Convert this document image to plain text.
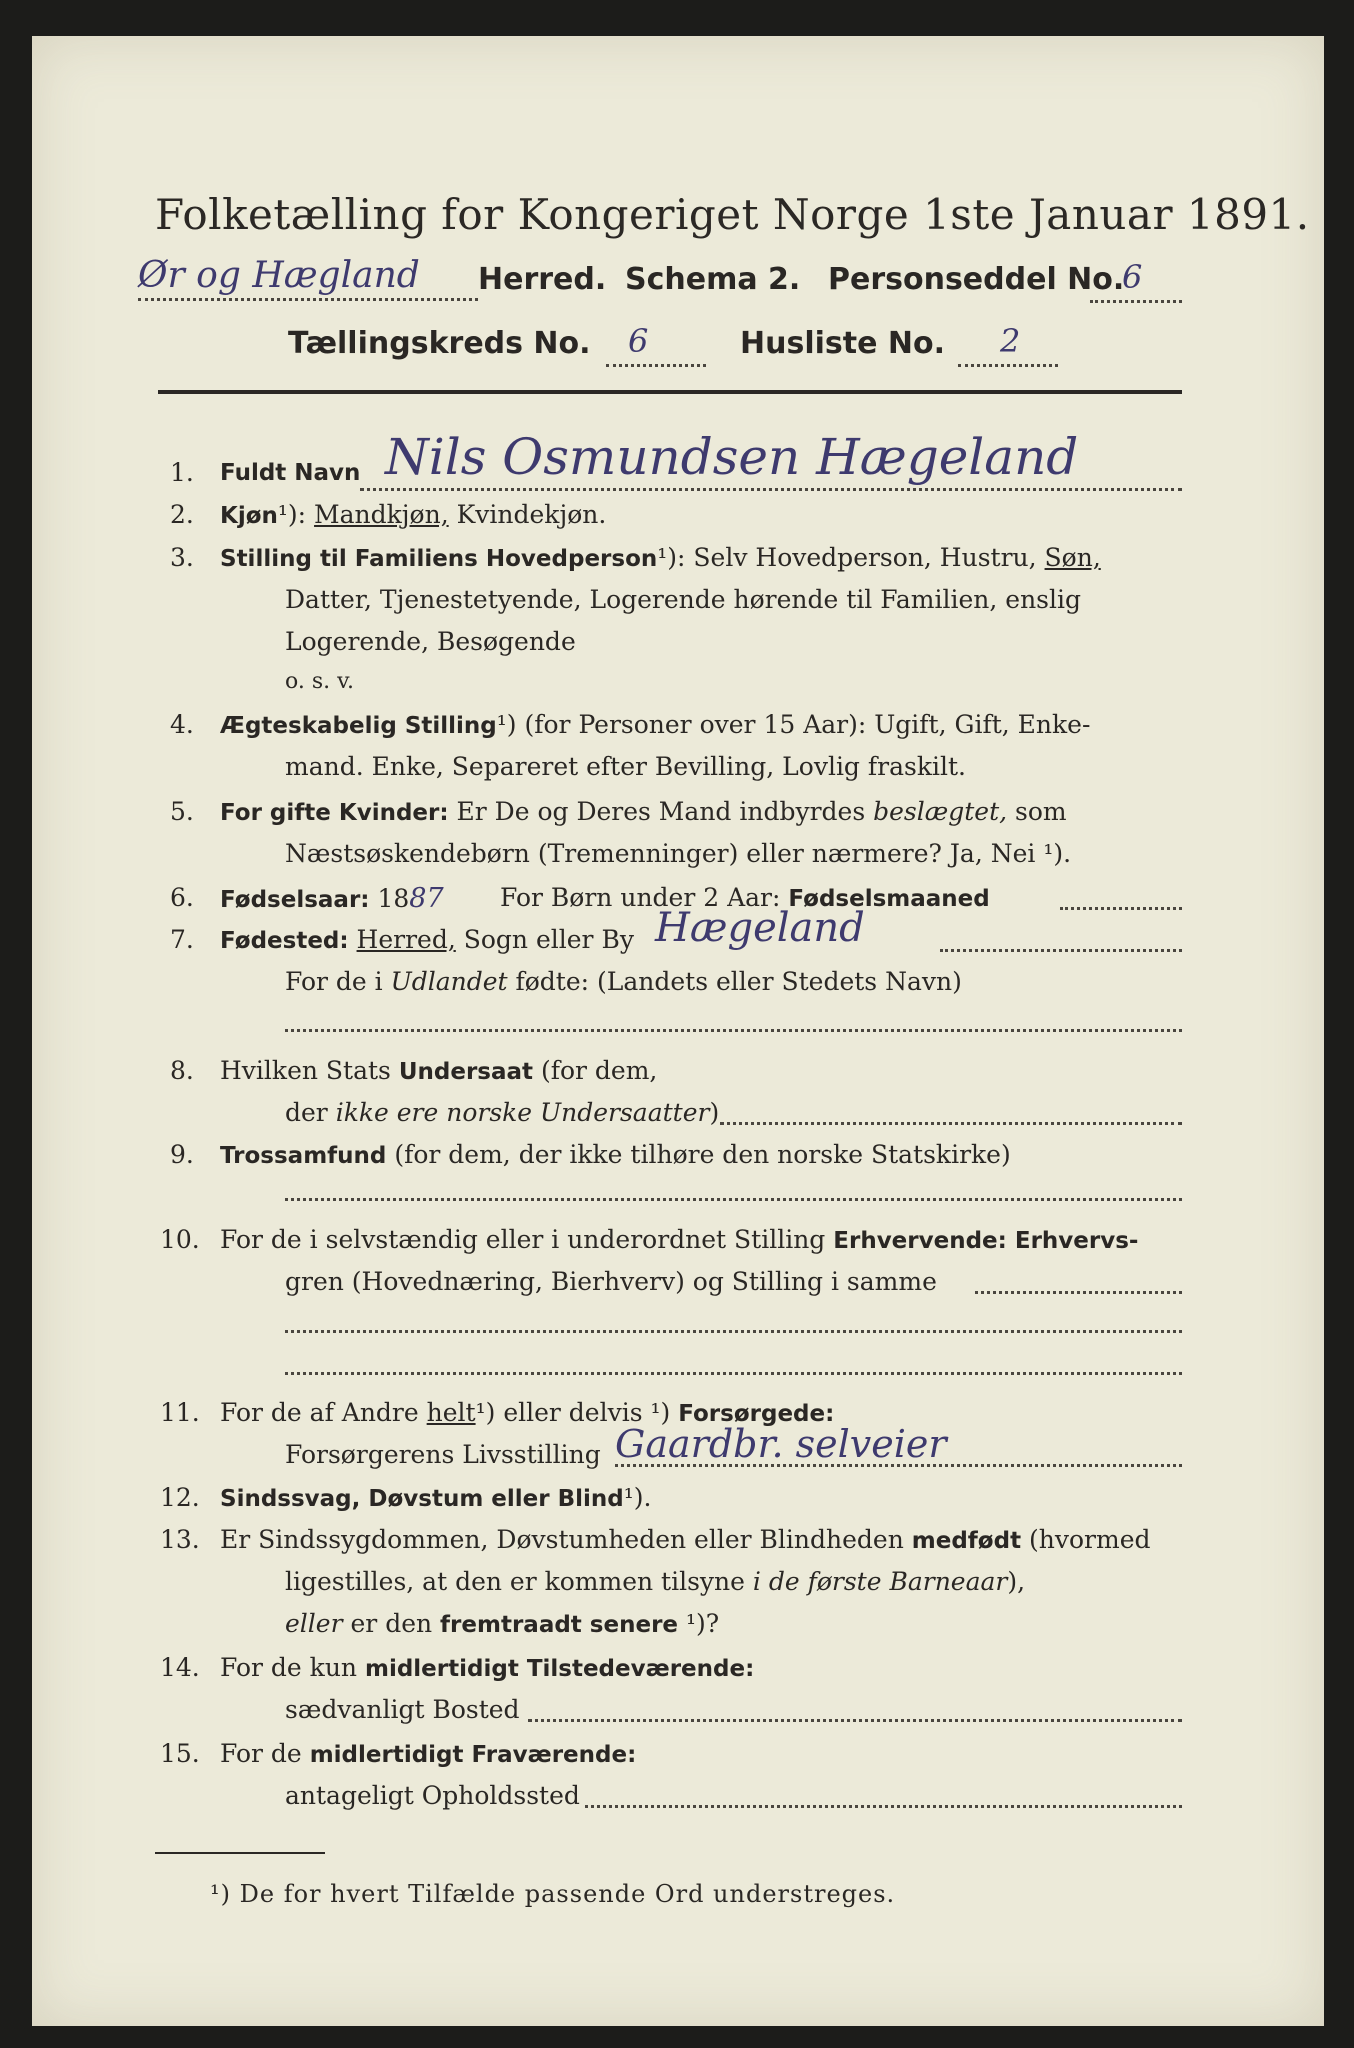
Folketælling for Kongeriget Norge 1ste Januar 1891.
Ør og Hægland Herred. Schema 2. Personseddel No.
6
Tællingskreds No. 6	Husliste No. 2
1. Fuldt Navn Nils Osmundsen Hægeland
2. Kjøn¹): Mandkjøn, Kvindekjøn.
3. Stilling til Familiens Hovedperson¹): Selv Hovedperson, Hustru, Søn,
Datter, Tjenestetyende, Logerende hørende til Familien, enslig
Logerende, Besøgende
o. s. v.
4. Ægteskabelig Stilling¹) (for Personer over 15 Aar): Ugift, Gift, Enke-
mand. Enke, Separeret efter Bevilling, Lovlig fraskilt.
5. For gifte Kvinder: Er De og Deres Mand indbyrdes beslægtet, som
Næstsøskendebørn (Tremenninger) eller nærmere? Ja, Nei ¹).
6. Fødselsaar: 1887 For Børn under 2 Aar: Fødselsmaaned
7. Fødested: Herred, Sogn eller By Hægeland
For de i Udlandet fødte: (Landets eller Stedets Navn)
8. Hvilken Stats Undersaat (for dem,
der ikke ere norske Undersaatter)
9. Trossamfund (for dem, der ikke tilhøre den norske Statskirke)
10. For de i selvstændig eller i underordnet Stilling Erhvervende: Erhvervs-
gren (Hovednæring, Bierhverv) og Stilling i samme
11. For de af Andre helt¹) eller delvis ¹) Forsørgede:
Forsørgerens Livsstilling Gaardbr. selveier
12. Sindssvag, Døvstum eller Blind¹).
13. Er Sindssygdommen, Døvstumheden eller Blindheden medfødt (hvormed
ligestilles, at den er kommen tilsyne i de første Barneaar),
eller er den fremtraadt senere ¹)?
14. For de kun midlertidigt Tilstedeværende:
sædvanligt Bosted
15. For de midlertidigt Fraværende:
antageligt Opholdssted
¹) De for hvert Tilfælde passende Ord understreges.
